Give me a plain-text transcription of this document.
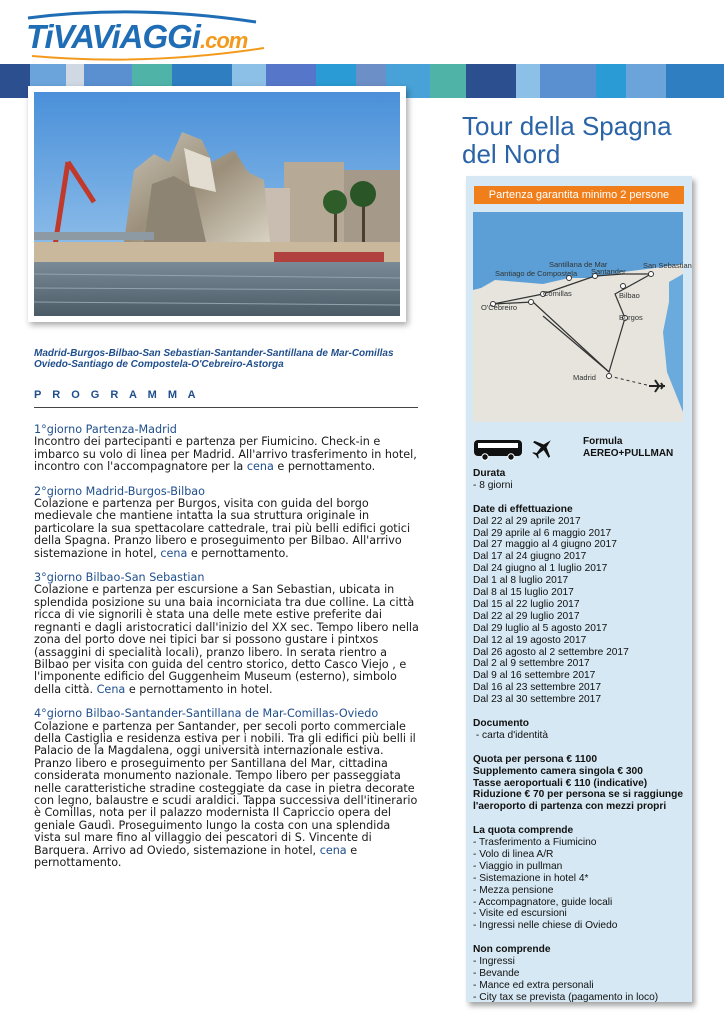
TiVAViAGGi.com
Tour della Spagna del Nord
Partenza garantita minimo 2 persone
Santiago de Compostela
Santillana de Mar
Santander
San Sebastian
Comillas	Bilbao
O'Cebreiro
Burgos
Madrid
Formula
AEREO+PULLMAN
Durata
- 8 giorni
Date di effettuazione
Dal 22 al 29 aprile 2017
Dal 29 aprile al 6 maggio 2017
Dal 27 maggio al 4 giugno 2017
Dal 17 al 24 giugno 2017
Dal 24 giugno al 1 luglio 2017
Dal 1 al 8 luglio 2017
Dal 8 al 15 luglio 2017
Dal 15 al 22 luglio 2017
Dal 22 al 29 luglio 2017
Dal 29 luglio al 5 agosto 2017
Dal 12 al 19 agosto 2017
Dal 26 agosto al 2 settembre 2017
Dal 2 al 9 settembre 2017
Dal 9 al 16 settembre 2017
Dal 16 al 23 settembre 2017
Dal 23 al 30 settembre 2017
Documento
- carta d'identità
Quota per persona € 1100
Supplemento camera singola € 300
Tasse aeroportuali € 110 (indicative)
Riduzione € 70 per persona se si raggiunge
l'aeroporto di partenza con mezzi propri
La quota comprende
- Trasferimento a Fiumicino
- Volo di linea A/R
- Viaggio in pullman
- Sistemazione in hotel 4*
- Mezza pensione
- Accompagnatore, guide locali
- Visite ed escursioni
- Ingressi nelle chiese di Oviedo
Non comprende
- Ingressi
- Bevande
- Mance ed extra personali
- City tax se prevista (pagamento in loco)
Madrid-Burgos-Bilbao-San Sebastian-Santander-Santillana de Mar-Comillas
Oviedo-Santiago de Compostela-O'Cebreiro-Astorga
P R O G R A M M A
1°giorno Partenza-Madrid
Incontro dei partecipanti e partenza per Fiumicino. Check-in e imbarco su volo di linea per Madrid. All'arrivo trasferimento in hotel, incontro con l'accompagnatore per la cena e pernottamento.
2°giorno Madrid-Burgos-Bilbao
Colazione e partenza per Burgos, visita con guida del borgo medievale che mantiene intatta la sua struttura originale in particolare la sua spettacolare cattedrale, trai più belli edifici gotici della Spagna. Pranzo libero e proseguimento per Bilbao. All'arrivo sistemazione in hotel, cena e pernottamento.
3°giorno Bilbao-San Sebastian
Colazione e partenza per escursione a San Sebastian, ubicata in splendida posizione su una baia incorniciata tra due colline. La città ricca di vie signorili è stata una delle mete estive preferite dai regnanti e dagli aristocratici dall'inizio del XX sec. Tempo libero nella zona del porto dove nei tipici bar si possono gustare i pintxos (assaggini di specialità locali), pranzo libero. In serata rientro a Bilbao per visita con guida del centro storico, detto Casco Viejo , e l'imponente edificio del Guggenheim Museum (esterno), simbolo della città. Cena e pernottamento in hotel.
4°giorno Bilbao-Santander-Santillana de Mar-Comillas-Oviedo
Colazione e partenza per Santander, per secoli porto commerciale della Castiglia e residenza estiva per i nobili. Tra gli edifici più belli il Palacio de la Magdalena, oggi università internazionale estiva. Pranzo libero e proseguimento per Santillana del Mar, cittadina considerata monumento nazionale. Tempo libero per passeggiata nelle caratteristiche stradine costeggiate da case in pietra decorate con legno, balaustre e scudi araldici. Tappa successiva dell'itinerario è Comillas, nota per il palazzo modernista Il Capriccio opera del geniale Gaudì. Proseguimento lungo la costa con una splendida vista sul mare fino al villaggio dei pescatori di S. Vincente di Barquera. Arrivo ad Oviedo, sistemazione in hotel, cena e pernottamento.
